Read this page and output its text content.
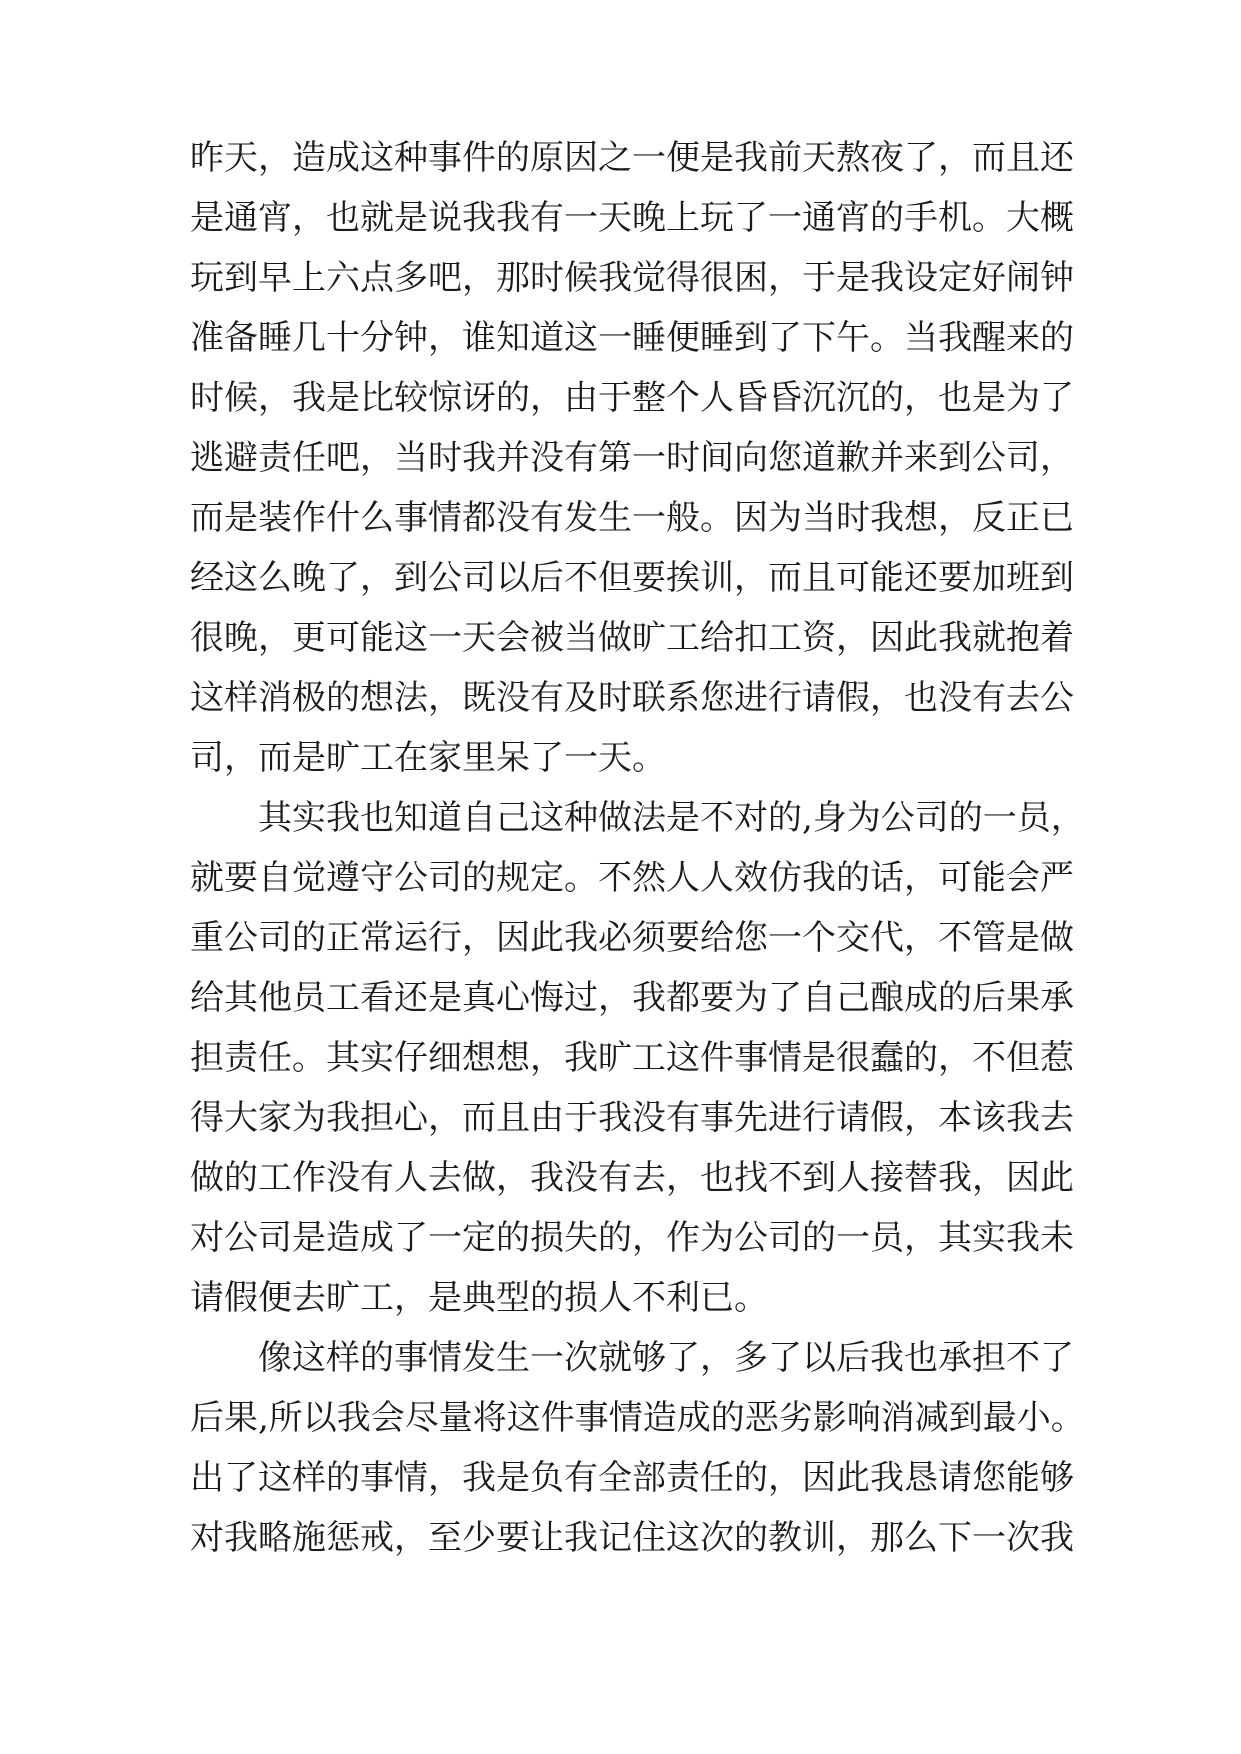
昨天，造成这种事件的原因之一便是我前天熬夜了，而且还
是通宵，也就是说我我有一天晚上玩了一通宵的手机。大概
玩到早上六点多吧，那时候我觉得很困，于是我设定好闹钟
准备睡几十分钟，谁知道这一睡便睡到了下午。当我醒来的
时候，我是比较惊讶的，由于整个人昏昏沉沉的，也是为了
逃避责任吧，当时我并没有第一时间向您道歉并来到公司，
而是装作什么事情都没有发生一般。因为当时我想，反正已
经这么晚了，到公司以后不但要挨训，而且可能还要加班到
很晚，更可能这一天会被当做旷工给扣工资，因此我就抱着
这样消极的想法，既没有及时联系您进行请假，也没有去公
司，而是旷工在家里呆了一天。
其实我也知道自己这种做法是不对的,身为公司的一员，
就要自觉遵守公司的规定。不然人人效仿我的话，可能会严
重公司的正常运行，因此我必须要给您一个交代，不管是做
给其他员工看还是真心悔过，我都要为了自己酿成的后果承
担责任。其实仔细想想，我旷工这件事情是很蠢的，不但惹
得大家为我担心，而且由于我没有事先进行请假，本该我去
做的工作没有人去做，我没有去，也找不到人接替我，因此
对公司是造成了一定的损失的，作为公司的一员，其实我未
请假便去旷工，是典型的损人不利已。
像这样的事情发生一次就够了，多了以后我也承担不了
后果,所以我会尽量将这件事情造成的恶劣影响消减到最小。
出了这样的事情，我是负有全部责任的，因此我恳请您能够
对我略施惩戒，至少要让我记住这次的教训，那么下一次我
